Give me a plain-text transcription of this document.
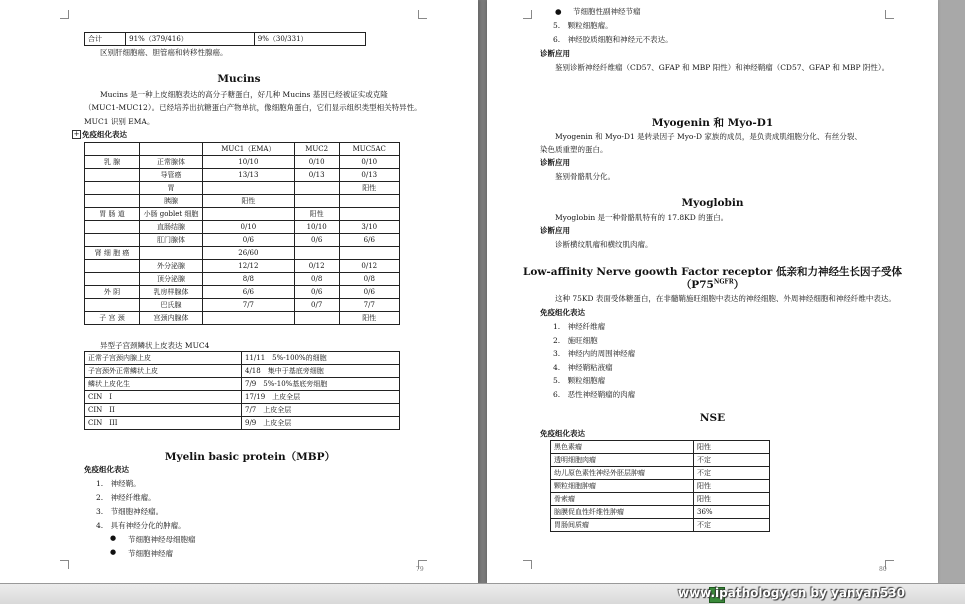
合计	91%（379/416）	9%（30/331）
区别肝细胞癌、胆管癌和转移性腺癌。
Mucins
Mucins 是一种上皮细胞表达的高分子糖蛋白，好几种 Mucins 基因已经被证实或克隆
（MUC1-MUC12）。已经培养出抗糖蛋白产物单抗，像细胞角蛋白，它们显示组织类型相关特异性。
MUC1 识别 EMA。
+ 免疫组化表达
		MUC1（EMA）	MUC2	MUC5AC
乳 腺	正常腺体	10/10	0/10	0/10
	导管癌	13/13	0/13	0/13
	胃			阳性
	胰腺	阳性		
胃 肠 道	小肠 goblet 细胞		阳性	
	直肠结腺	0/10	10/10	3/10
	肛门腺体	0/6	0/6	6/6
肾 细 胞 癌		26/60		
	外分泌腺	12/12	0/12	0/12
	顶分泌腺	8/8	0/8	0/8
外 阴	乳房样腺体	6/6	0/6	0/6
	巴氏腺	7/7	0/7	7/7
子 宫 颈	宫颈内腺体			阳性
异型子宫颈鳞状上皮表达 MUC4
正常子宫颈内腺上皮	11/11　5%-100%的细胞
子宫颈外正常鳞状上皮	4/18　集中于基底旁细胞
鳞状上皮化生	7/9　5%-10%基底旁细胞
CIN　I	17/19　上皮全层
CIN　II	7/7　上皮全层
CIN　III	9/9　上皮全层
Myelin basic protein（MBP）
免疫组化表达
1.　神经鞘。
2.　神经纤维瘤。
3.　节细胞神经瘤。
4.　具有神经分化的肿瘤。
● 节细胞神经母细胞瘤
● 节细胞神经瘤
79
● 节细胞性副神经节瘤
5.　颗粒细胞瘤。
6.　神经胶质细胞和神经元不表达。
诊断应用
鉴别诊断神经纤维瘤（CD57、GFAP 和 MBP 阳性）和神经鞘瘤（CD57、GFAP 和 MBP 阴性）。
Myogenin 和 Myo-D1
Myogenin 和 Myo-D1 是转录因子 Myo-D 家族的成员，是负责成肌细胞分化、有丝分裂、
染色质重塑的蛋白。
诊断应用
鉴别骨骼肌分化。
Myoglobin
Myoglobin 是一种骨骼肌特有的 17.8KD 的蛋白。
诊断应用
诊断横纹肌瘤和横纹肌肉瘤。
Low-affinity Nerve goowth Factor receptor 低亲和力神经生长因子受体
$(P75^{NGFR})$
这种 75KD 表面受体糖蛋白，在非髓鞘施旺细胞中表达的神经细胞、外周神经细胞和神经纤维中表达。
免疫组化表达
1.　神经纤维瘤
2.　施旺细胞
3.　神经内的周围神经瘤
4.　神经鞘粘液瘤
5.　颗粒细胞瘤
6.　恶性神经鞘瘤的肉瘤
NSE
免疫组化表达
黑色素瘤	阳性
透明细胞肉瘤	不定
幼儿原色素性神经外胚层肿瘤	不定
颗粒细胞肿瘤	阳性
骨索瘤	阳性
脑膜促血性纤维性肿瘤	36%
胃肠间质瘤	不定
80
www.ipathology.cn by yanyan530
